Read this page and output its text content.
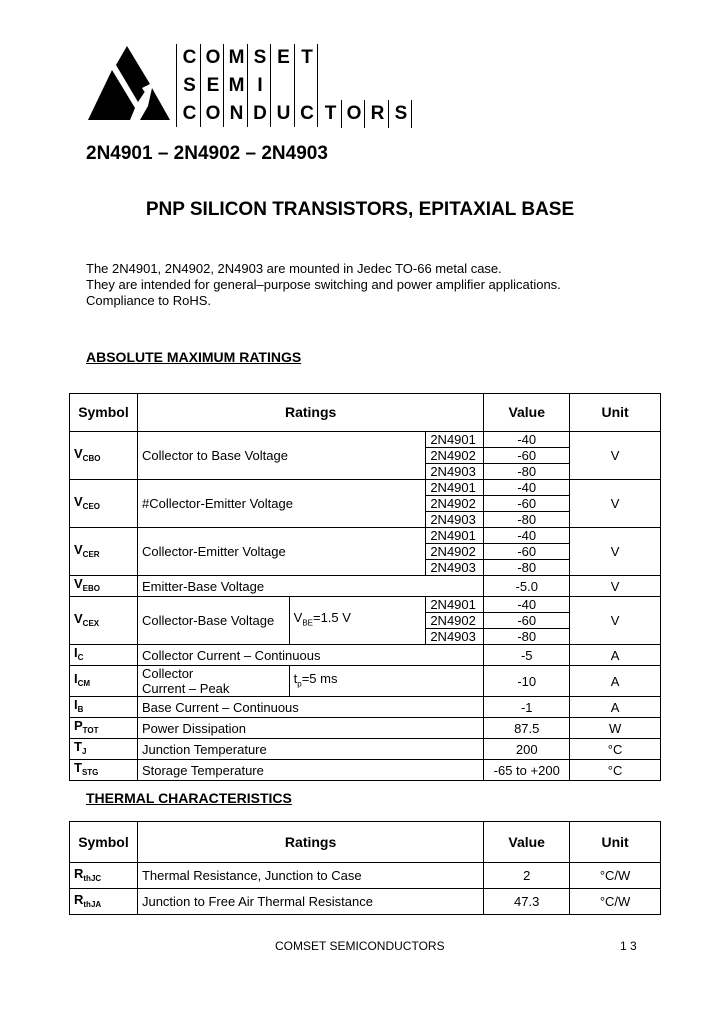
C O M S E T
S E M I
C O N D U C T O R S
2N4901 – 2N4902 – 2N4903
PNP SILICON TRANSISTORS, EPITAXIAL BASE
The 2N4901, 2N4902, 2N4903 are mounted in Jedec TO-66 metal case.
They are intended for general–purpose switching and power amplifier applications.
Compliance to RoHS.
ABSOLUTE MAXIMUM RATINGS
Symbol	Ratings			Value	Unit
$V_{CBO}$	Collector to Base Voltage		2N4901	-40	V
			2N4902	-60	
			2N4903	-80	
$V_{CEO}$	#Collector-Emitter Voltage		2N4901	-40	V
			2N4902	-60	
			2N4903	-80	
$V_{CER}$	Collector-Emitter Voltage		2N4901	-40	V
			2N4902	-60	
			2N4903	-80	
$V_{EBO}$	Emitter-Base Voltage			-5.0	V
$V_{CEX}$	Collector-Base Voltage	$V_{BE}=1.5$ V	2N4901	-40	V
			2N4902	-60	
			2N4903	-80	
$I_C$	Collector Current – Continuous			-5	A
$I_{CM}$	Collector
Current – Peak	$t_p=5$ ms		-10	A
$I_B$	Base Current – Continuous			-1	A
$P_{TOT}$	Power Dissipation			87.5	W
$T_J$	Junction Temperature			200	°C
$T_{STG}$	Storage Temperature			-65 to +200	°C
THERMAL CHARACTERISTICS
Symbol	Ratings	Value	Unit
$R_{thJC}$	Thermal Resistance, Junction to Case	2	°C/W
$R_{thJA}$	Junction to Free Air Thermal Resistance	47.3	°C/W
COMSET SEMICONDUCTORS	1 3
